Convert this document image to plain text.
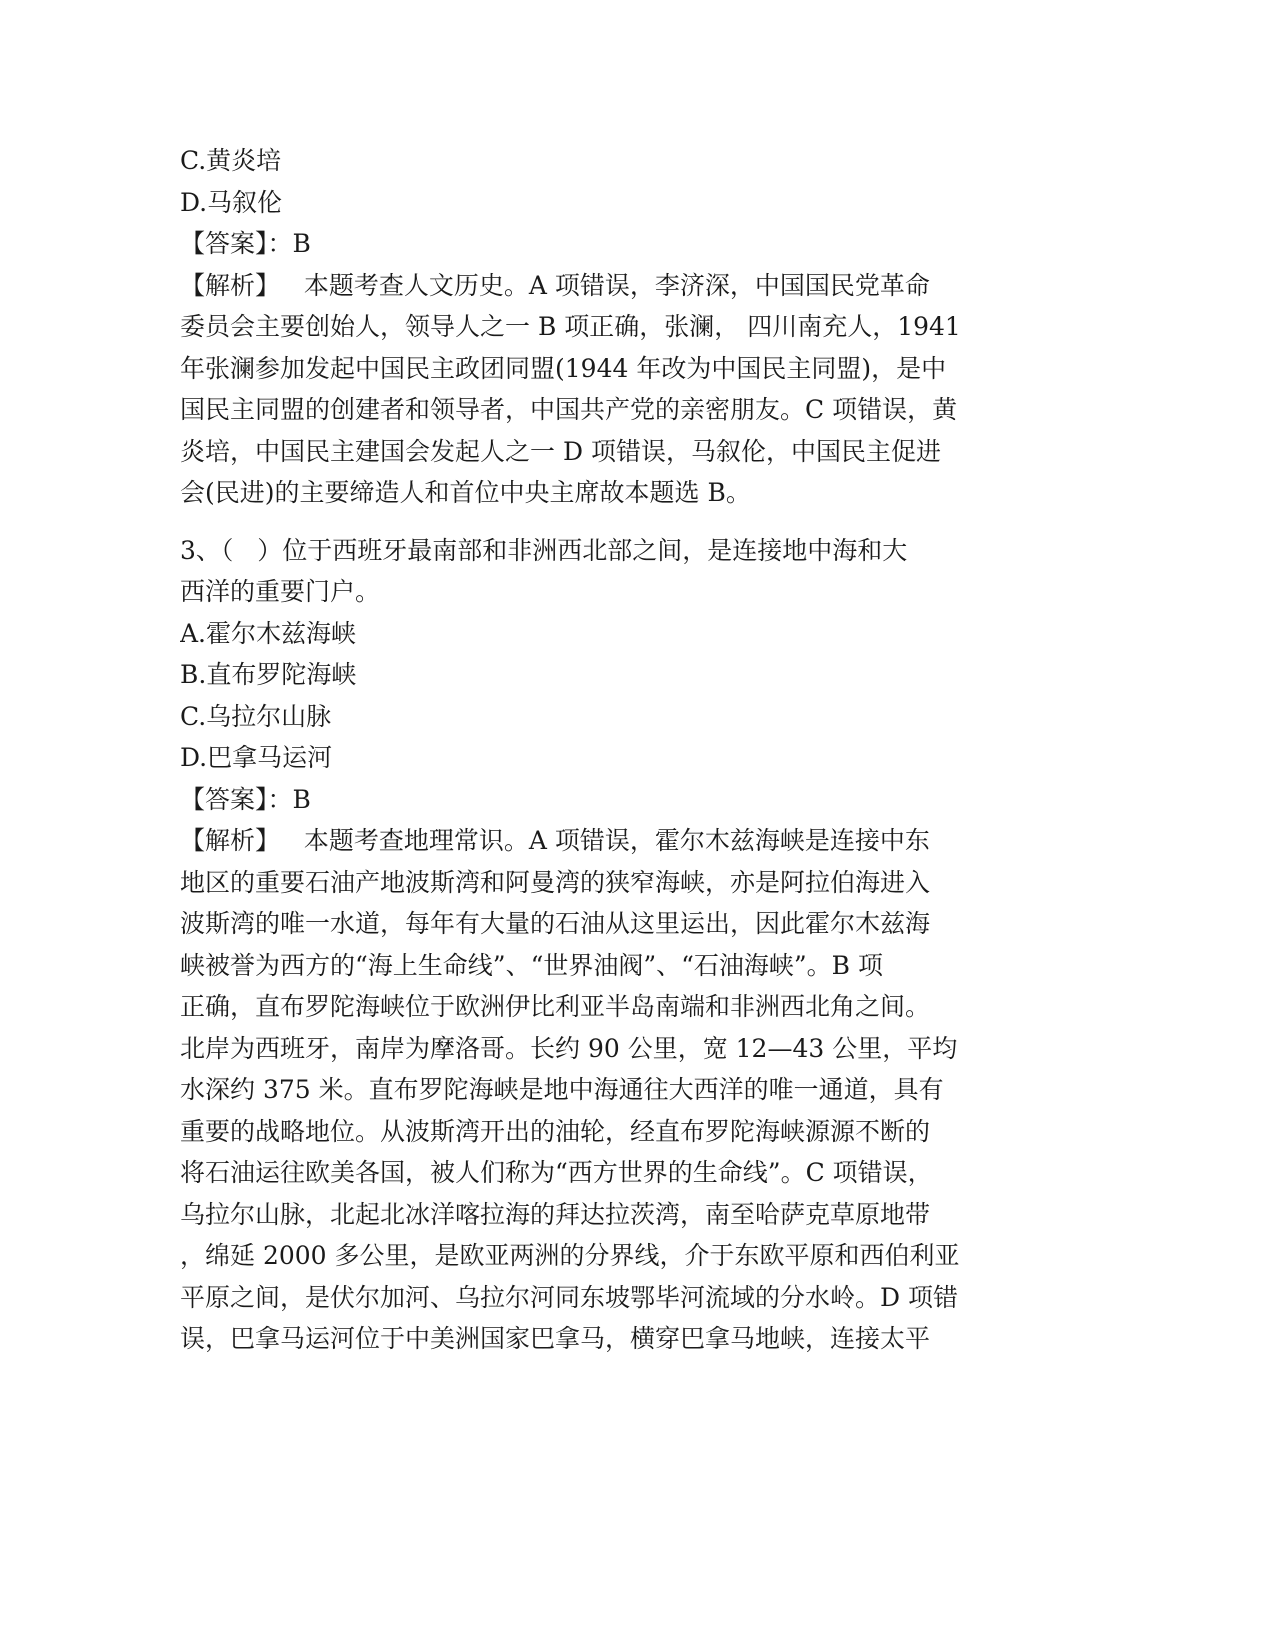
C.黄炎培
D.马叙伦
【答案】：B
【解析】   本题考查人文历史。A 项错误，李济深，中国国民党革命
委员会主要创始人，领导人之一 B 项正确，张澜， 四川南充人，1941
年张澜参加发起中国民主政团同盟(1944 年改为中国民主同盟)，是中
国民主同盟的创建者和领导者，中国共产党的亲密朋友。C 项错误，黄
炎培，中国民主建国会发起人之一 D 项错误，马叙伦，中国民主促进
会(民进)的主要缔造人和首位中央主席故本题选 B。
3、（   ）位于西班牙最南部和非洲西北部之间，是连接地中海和大
西洋的重要门户。
A.霍尔木兹海峡
B.直布罗陀海峡
C.乌拉尔山脉
D.巴拿马运河
【答案】：B
【解析】   本题考查地理常识。A 项错误，霍尔木兹海峡是连接中东
地区的重要石油产地波斯湾和阿曼湾的狭窄海峡，亦是阿拉伯海进入
波斯湾的唯一水道，每年有大量的石油从这里运出，因此霍尔木兹海
峡被誉为西方的“海上生命线”、“世界油阀”、“石油海峡”。B 项
正确，直布罗陀海峡位于欧洲伊比利亚半岛南端和非洲西北角之间。
北岸为西班牙，南岸为摩洛哥。长约 90 公里，宽 12—43 公里，平均
水深约 375 米。直布罗陀海峡是地中海通往大西洋的唯一通道，具有
重要的战略地位。从波斯湾开出的油轮，经直布罗陀海峡源源不断的
将石油运往欧美各国，被人们称为“西方世界的生命线”。C 项错误，
乌拉尔山脉，北起北冰洋喀拉海的拜达拉茨湾，南至哈萨克草原地带
，绵延 2000 多公里，是欧亚两洲的分界线，介于东欧平原和西伯利亚
平原之间，是伏尔加河、乌拉尔河同东坡鄂毕河流域的分水岭。D 项错
误，巴拿马运河位于中美洲国家巴拿马，横穿巴拿马地峡，连接太平
